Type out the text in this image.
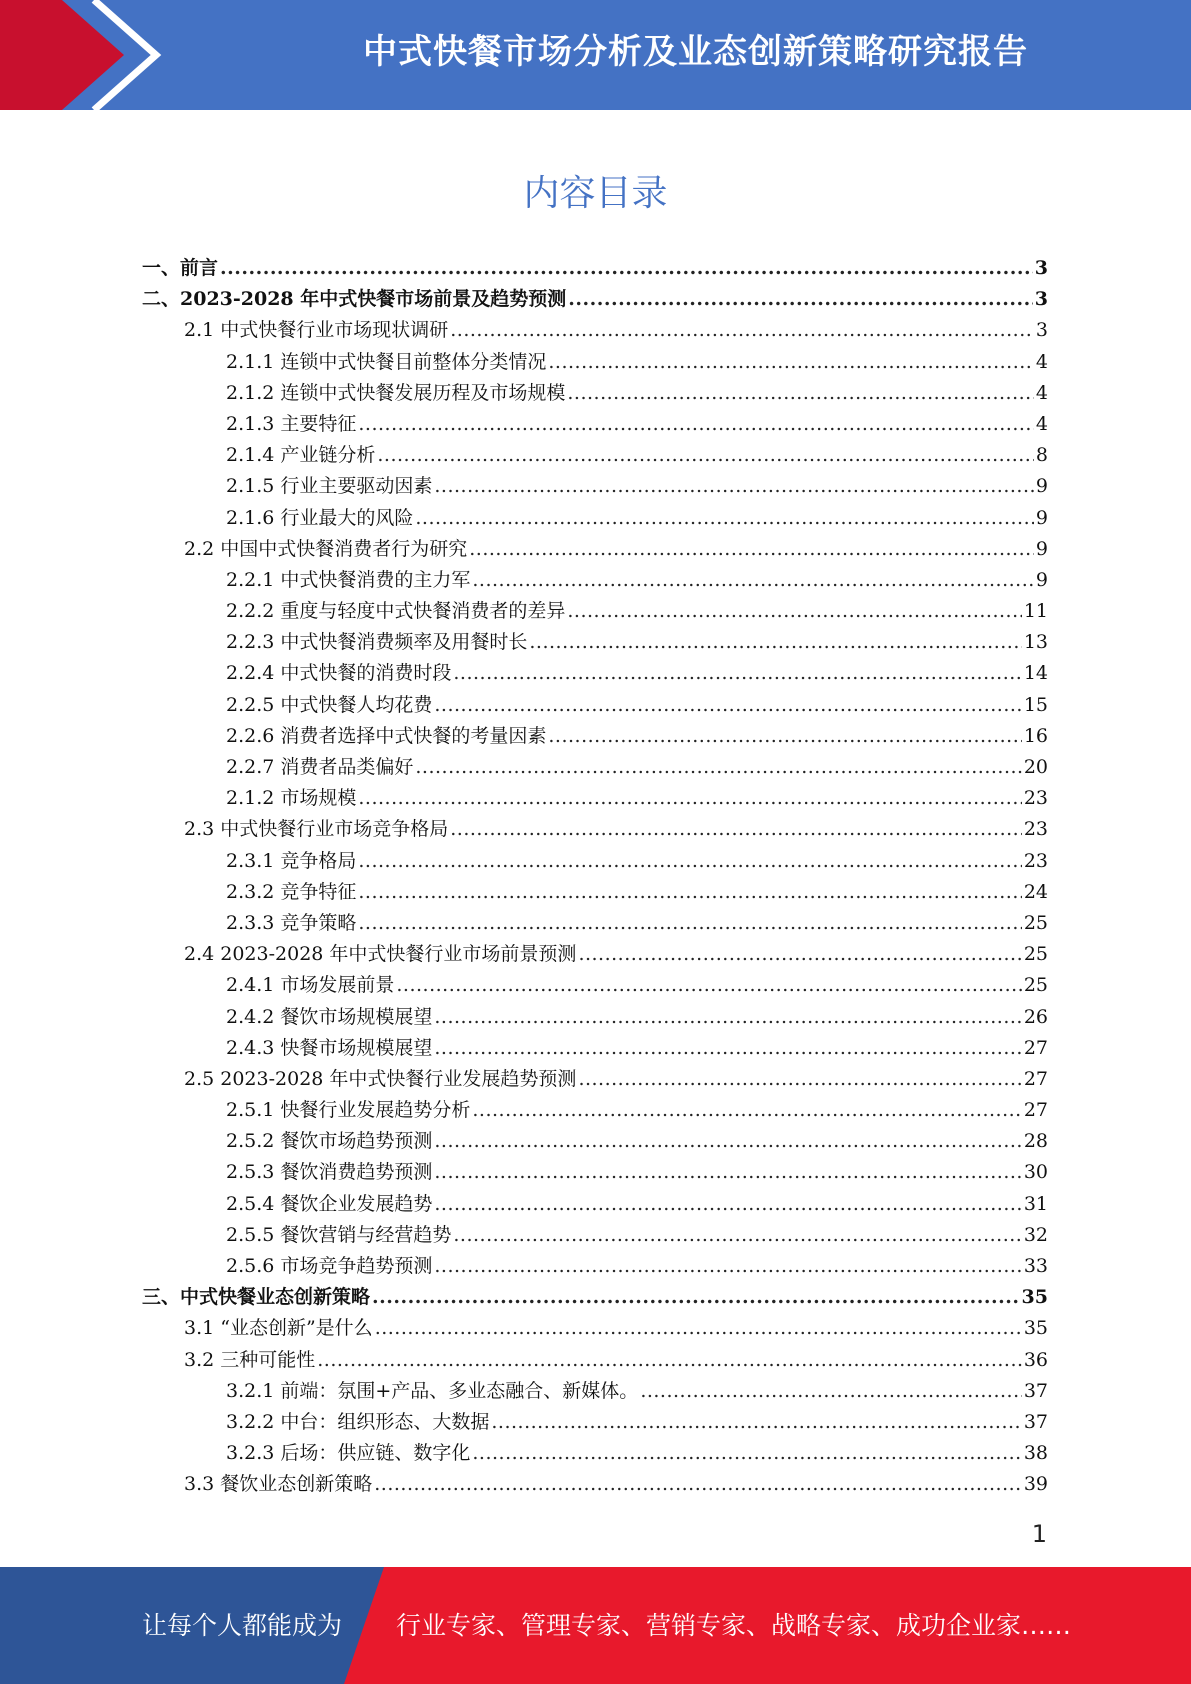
中式快餐市场分析及业态创新策略研究报告
内容目录
一、前言 .....	3
二、2023-2028 年中式快餐市场前景及趋势预测 .....	3
2.1 中式快餐行业市场现状调研 .....	3
2.1.1 连锁中式快餐目前整体分类情况 .....	4
2.1.2 连锁中式快餐发展历程及市场规模 .....	4
2.1.3 主要特征 .....	4
2.1.4 产业链分析 .....	8
2.1.5 行业主要驱动因素 .....	9
2.1.6 行业最大的风险 .....	9
2.2 中国中式快餐消费者行为研究 .....	9
2.2.1 中式快餐消费的主力军 .....	9
2.2.2 重度与轻度中式快餐消费者的差异 .....	11
2.2.3 中式快餐消费频率及用餐时长 .....	13
2.2.4 中式快餐的消费时段 .....	14
2.2.5 中式快餐人均花费 .....	15
2.2.6 消费者选择中式快餐的考量因素 .....	16
2.2.7 消费者品类偏好 .....	20
2.1.2 市场规模 .....	23
2.3 中式快餐行业市场竞争格局 .....	23
2.3.1 竞争格局 .....	23
2.3.2 竞争特征 .....	24
2.3.3 竞争策略 .....	25
2.4 2023-2028 年中式快餐行业市场前景预测 .....	25
2.4.1 市场发展前景 .....	25
2.4.2 餐饮市场规模展望 .....	26
2.4.3 快餐市场规模展望 .....	27
2.5 2023-2028 年中式快餐行业发展趋势预测 .....	27
2.5.1 快餐行业发展趋势分析 .....	27
2.5.2 餐饮市场趋势预测 .....	28
2.5.3 餐饮消费趋势预测 .....	30
2.5.4 餐饮企业发展趋势 .....	31
2.5.5 餐饮营销与经营趋势 .....	32
2.5.6 市场竞争趋势预测 .....	33
三、中式快餐业态创新策略 .....	35
3.1 “业态创新”是什么 .....	35
3.2 三种可能性 .....	36
3.2.1 前端：氛围+产品、多业态融合、新媒体。 .....	37
3.2.2 中台：组织形态、大数据 .....	37
3.2.3 后场：供应链、数字化 .....	38
3.3 餐饮业态创新策略 .....	39
1
让每个人都能成为 行业专家、管理专家、营销专家、战略专家、成功企业家……
